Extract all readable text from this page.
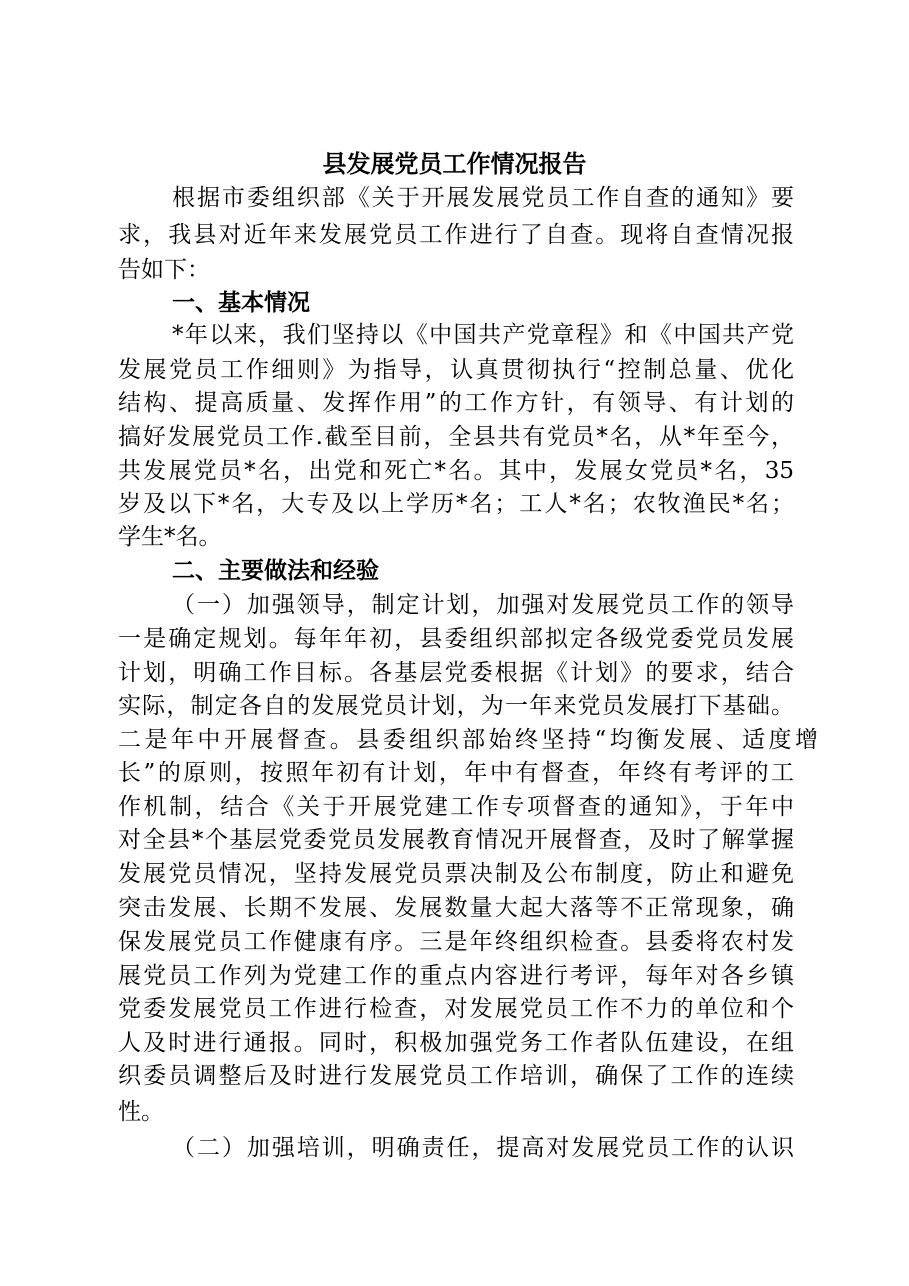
县发展党员工作情况报告

根据市委组织部《关于开展发展党员工作自查的通知》要

求，我县对近年来发展党员工作进行了自查。现将自查情况报

告如下：

一、基本情况

*年以来，我们坚持以《中国共产党章程》和《中国共产党

发展党员工作细则》为指导，认真贯彻执行“控制总量、优化

结构、提高质量、发挥作用”的工作方针，有领导、有计划的

搞好发展党员工作.截至目前，全县共有党员*名，从*年至今，

共发展党员*名，出党和死亡*名。其中，发展女党员*名，35

岁及以下*名，大专及以上学历*名；工人*名；农牧渔民*名；

学生*名。

二、主要做法和经验

（一）加强领导，制定计划，加强对发展党员工作的领导

一是确定规划。每年年初，县委组织部拟定各级党委党员发展

计划，明确工作目标。各基层党委根据《计划》的要求，结合

实际，制定各自的发展党员计划，为一年来党员发展打下基础。

二是年中开展督查。县委组织部始终坚持“均衡发展、适度增

长”的原则，按照年初有计划，年中有督查，年终有考评的工

作机制，结合《关于开展党建工作专项督查的通知》，于年中

对全县*个基层党委党员发展教育情况开展督查，及时了解掌握

发展党员情况，坚持发展党员票决制及公布制度，防止和避免

突击发展、长期不发展、发展数量大起大落等不正常现象，确

保发展党员工作健康有序。三是年终组织检查。县委将农村发

展党员工作列为党建工作的重点内容进行考评，每年对各乡镇

党委发展党员工作进行检查，对发展党员工作不力的单位和个

人及时进行通报。同时，积极加强党务工作者队伍建设，在组

织委员调整后及时进行发展党员工作培训，确保了工作的连续

性。

（二）加强培训，明确责任，提高对发展党员工作的认识
